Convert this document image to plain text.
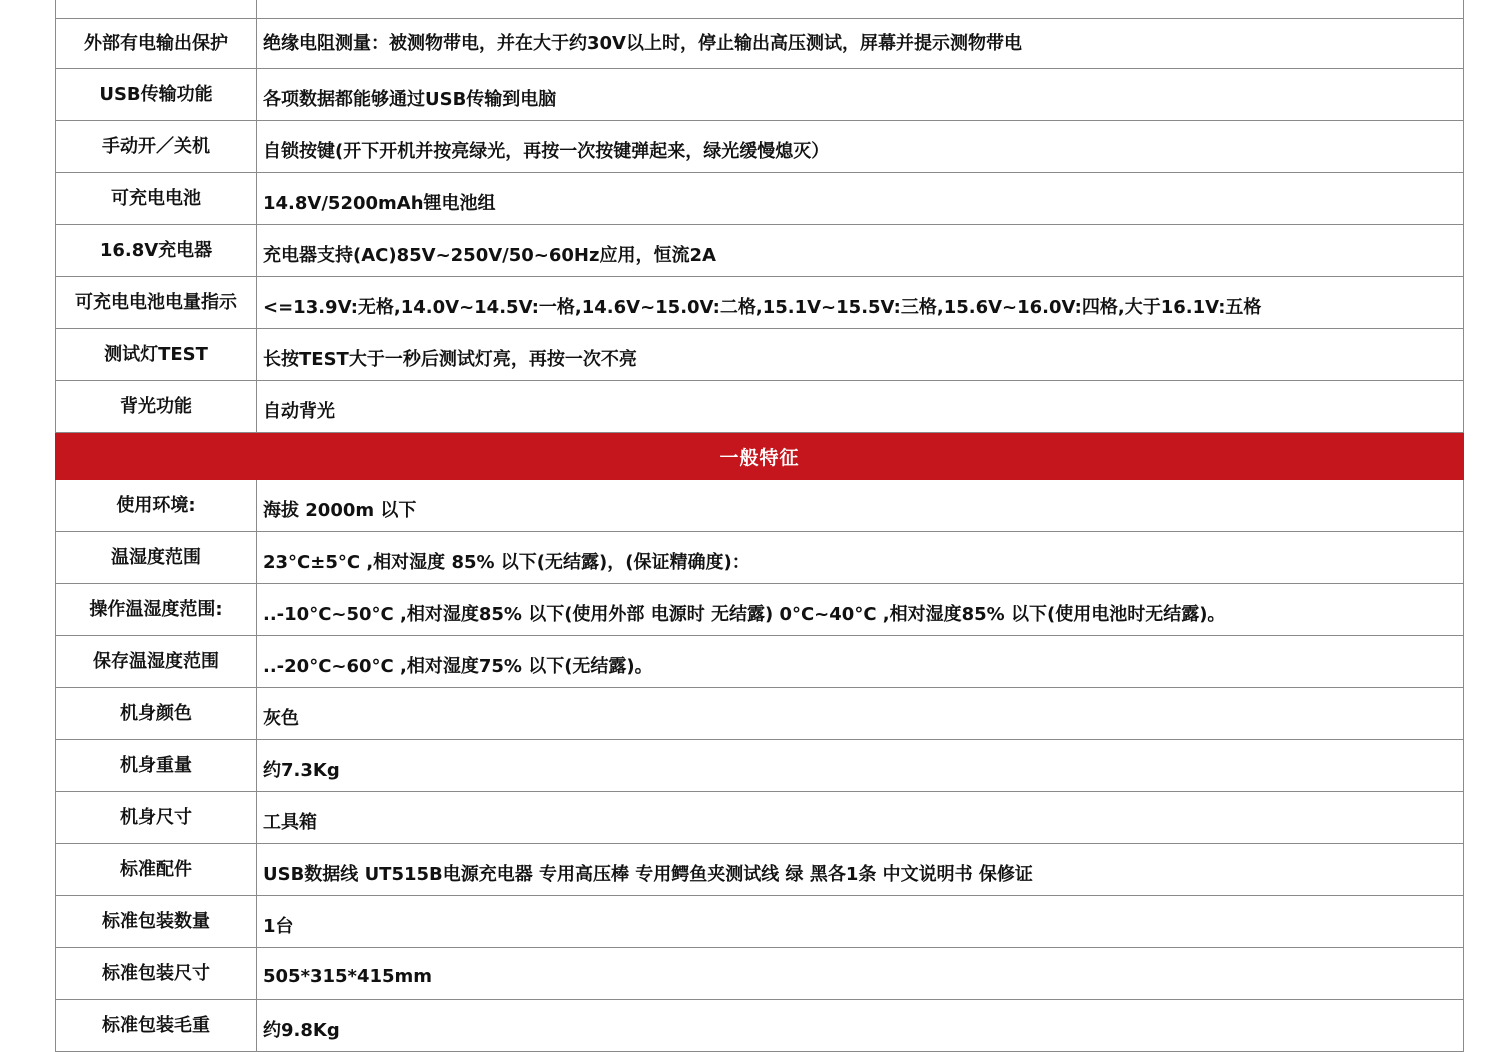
外部有电输出保护	绝缘电阻测量：被测物带电，并在大于约30V以上时，停止输出高压测试，屏幕并提示测物带电
USB传输功能	各项数据都能够通过USB传输到电脑
手动开／关机	自锁按键(开下开机并按亮绿光，再按一次按键弹起来，绿光缓慢熄灭）
可充电电池	14.8V/5200mAh锂电池组
16.8V充电器	充电器支持(AC)85V~250V/50~60Hz应用，恒流2A
可充电电池电量指示	<=13.9V:无格,14.0V~14.5V:一格,14.6V~15.0V:二格,15.1V~15.5V:三格,15.6V~16.0V:四格,大于16.1V:五格
测试灯TEST	长按TEST大于一秒后测试灯亮，再按一次不亮
背光功能	自动背光
一般特征	
使用环境:	海拔 2000m 以下
温湿度范围	23°C±5°C ,相对湿度 85% 以下(无结露)，(保证精确度)：
操作温湿度范围:	..-10°C~50°C ,相对湿度85% 以下(使用外部 电源时 无结露) 0°C~40°C ,相对湿度85% 以下(使用电池时无结露)。
保存温湿度范围	..-20°C~60°C ,相对湿度75% 以下(无结露)。
机身颜色	灰色
机身重量	约7.3Kg
机身尺寸	工具箱
标准配件	USB数据线 UT515B电源充电器 专用高压棒 专用鳄鱼夹测试线 绿 黑各1条 中文说明书 保修证
标准包装数量	1台
标准包装尺寸	505*315*415mm
标准包装毛重	约9.8Kg
